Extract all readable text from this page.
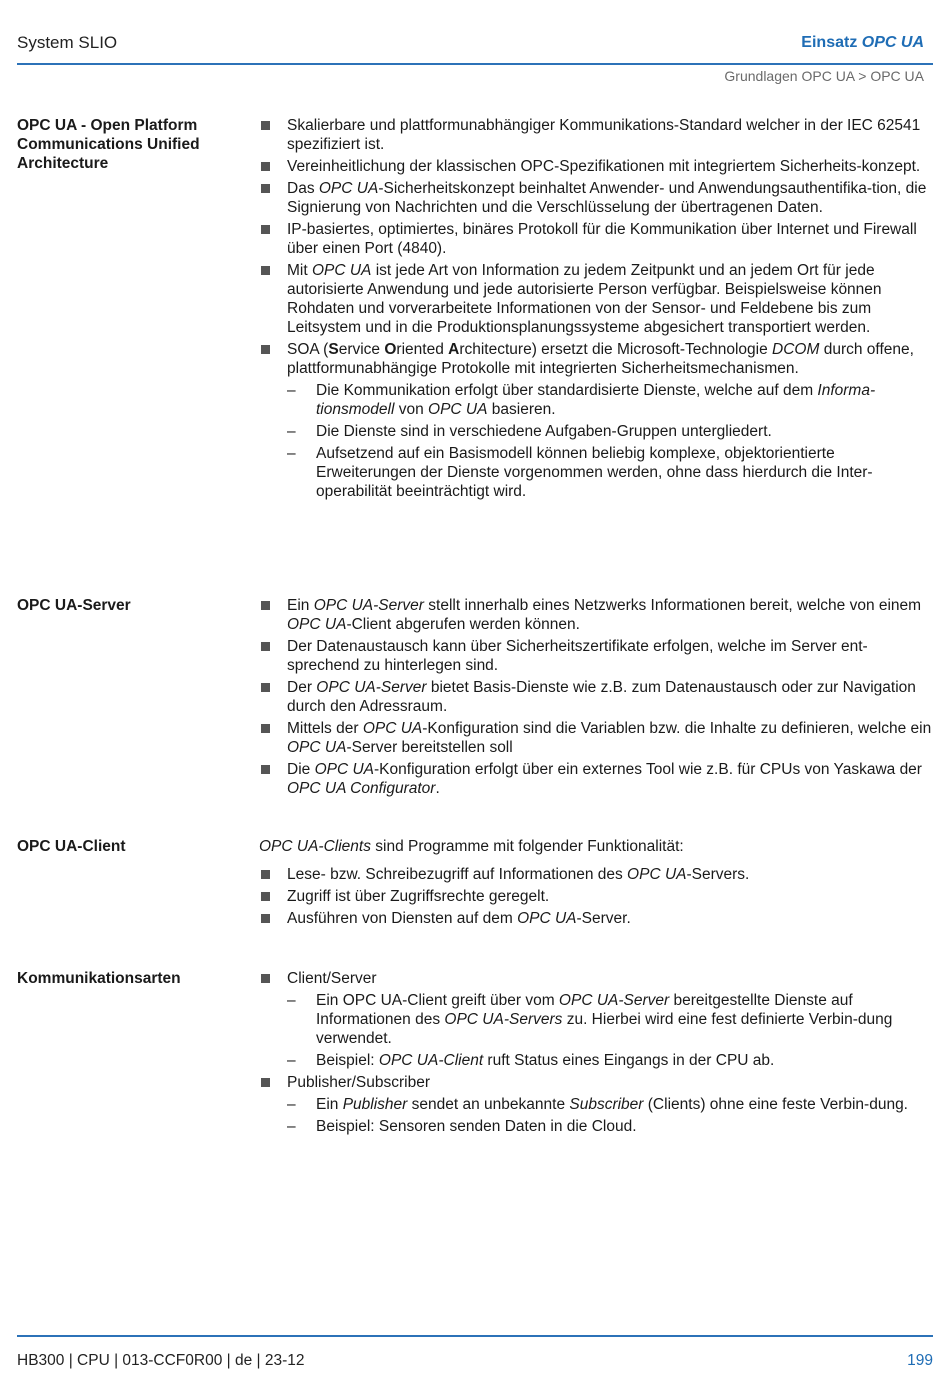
System SLIO	Einsatz OPC UA
Grundlagen OPC UA > OPC UA
OPC UA - Open Platform Communications Unified Architecture
Skalierbare und plattformunabhängiger Kommunikations-Standard welcher in der IEC 62541 spezifiziert ist.
Vereinheitlichung der klassischen OPC-Spezifikationen mit integriertem Sicherheits-konzept.
Das OPC UA-Sicherheitskonzept beinhaltet Anwender- und Anwendungsauthentifika-tion, die Signierung von Nachrichten und die Verschlüsselung der übertragenen Daten.
IP-basiertes, optimiertes, binäres Protokoll für die Kommunikation über Internet und Firewall über einen Port (4840).
Mit OPC UA ist jede Art von Information zu jedem Zeitpunkt und an jedem Ort für jede autorisierte Anwendung und jede autorisierte Person verfügbar. Beispielsweise können Rohdaten und vorverarbeitete Informationen von der Sensor- und Feldebene bis zum Leitsystem und in die Produktionsplanungssysteme abgesichert transportiert werden.
SOA (Service Oriented Architecture) ersetzt die Microsoft-Technologie DCOM durch offene, plattformunabhängige Protokolle mit integrierten Sicherheitsmechanismen.
– Die Kommunikation erfolgt über standardisierte Dienste, welche auf dem Informa-tionsmodell von OPC UA basieren.
– Die Dienste sind in verschiedene Aufgaben-Gruppen untergliedert.
– Aufsetzend auf ein Basismodell können beliebig komplexe, objektorientierte Erweiterungen der Dienste vorgenommen werden, ohne dass hierdurch die Inter-operabilität beeinträchtigt wird.
OPC UA-Server	Ein OPC UA-Server stellt innerhalb eines Netzwerks Informationen bereit, welche von einem OPC UA-Client abgerufen werden können.
Der Datenaustausch kann über Sicherheitszertifikate erfolgen, welche im Server ent-sprechend zu hinterlegen sind.
Der OPC UA-Server bietet Basis-Dienste wie z.B. zum Datenaustausch oder zur Navigation durch den Adressraum.
Mittels der OPC UA-Konfiguration sind die Variablen bzw. die Inhalte zu definieren, welche ein OPC UA-Server bereitstellen soll
Die OPC UA-Konfiguration erfolgt über ein externes Tool wie z.B. für CPUs von Yaskawa der OPC UA Configurator.
OPC UA-Client	OPC UA-Clients sind Programme mit folgender Funktionalität:
Lese- bzw. Schreibezugriff auf Informationen des OPC UA-Servers.
Zugriff ist über Zugriffsrechte geregelt.
Ausführen von Diensten auf dem OPC UA-Server.
Kommunikationsarten	Client/Server
– Ein OPC UA-Client greift über vom OPC UA-Server bereitgestellte Dienste auf Informationen des OPC UA-Servers zu. Hierbei wird eine fest definierte Verbin-dung verwendet.
– Beispiel: OPC UA-Client ruft Status eines Eingangs in der CPU ab.
Publisher/Subscriber
– Ein Publisher sendet an unbekannte Subscriber (Clients) ohne eine feste Verbin-dung.
– Beispiel: Sensoren senden Daten in die Cloud.
HB300 | CPU | 013-CCF0R00 | de | 23-12	199
